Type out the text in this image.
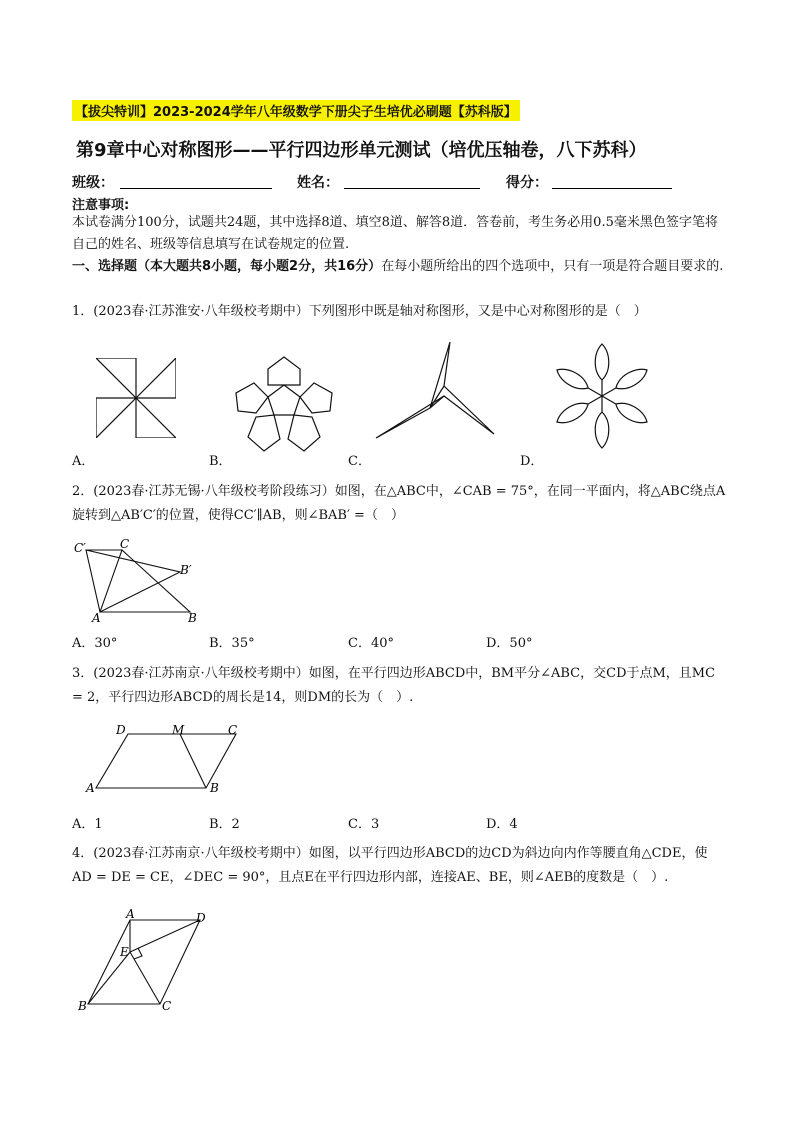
【拔尖特训】2023-2024学年八年级数学下册尖子生培优必刷题【苏科版】
第9章中心对称图形——平行四边形单元测试（培优压轴卷，八下苏科）
班级：	姓名：	得分：
注意事项:
本试卷满分100分，试题共24题，其中选择8道、填空8道、解答8道．答卷前，考生务必用0.5毫米黑色签字笔将自己的姓名、班级等信息填写在试卷规定的位置.
一、选择题（本大题共8小题，每小题2分，共16分）在每小题所给出的四个选项中，只有一项是符合题目要求的.
1．(2023春·江苏淮安·八年级校考期中）下列图形中既是轴对称图形，又是中心对称图形的是（　）
A．	B．	C．	D．
2．(2023春·江苏无锡·八年级校考阶段练习）如图，在△ABC中，∠CAB = 75°，在同一平面内，将△ABC绕点A旋转到△AB′C′的位置，使得CC′∥AB，则∠BAB′ =（　）
C′	C
B′
A	B
A．30°	B．35°	C．40°	D．50°
3．(2023春·江苏南京·八年级校考期中）如图，在平行四边形ABCD中，BM平分∠ABC，交CD于点M，且MC = 2，平行四边形ABCD的周长是14，则DM的长为（　）.
D	M	C
A	B
A．1	B．2	C．3	D．4
4．(2023春·江苏南京·八年级校考期中）如图，以平行四边形ABCD的边CD为斜边向内作等腰直角△CDE，使AD = DE = CE，∠DEC = 90°，且点E在平行四边形内部，连接AE、BE，则∠AEB的度数是（　）.
A	D
E
B	C
